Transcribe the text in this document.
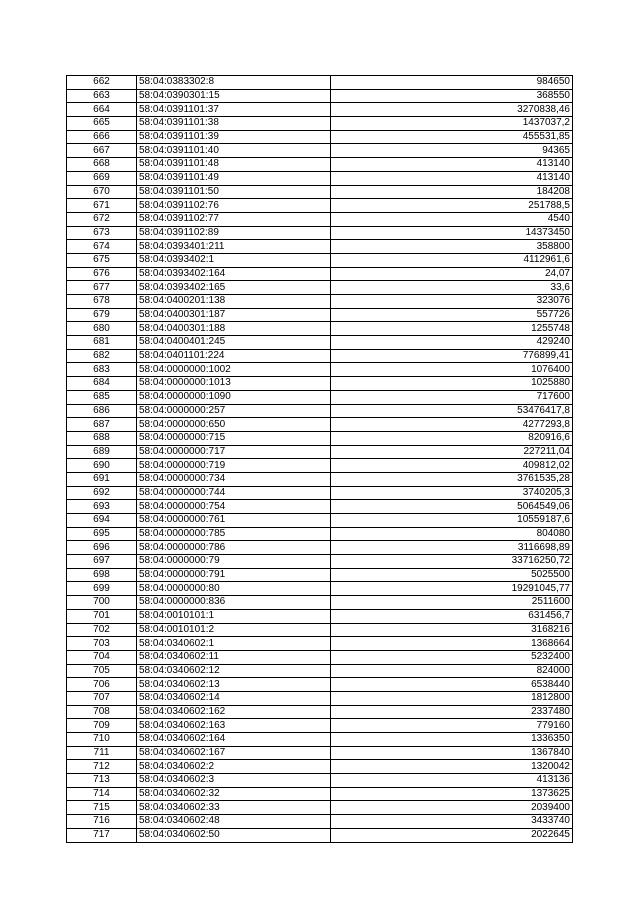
662	58:04:0383302:8	984650
663	58:04:0390301:15	368550
664	58:04:0391101:37	3270838,46
665	58:04:0391101:38	1437037,2
666	58:04:0391101:39	455531,85
667	58:04:0391101:40	94365
668	58:04:0391101:48	413140
669	58:04:0391101:49	413140
670	58:04:0391101:50	184208
671	58:04:0391102:76	251788,5
672	58:04:0391102:77	4540
673	58:04:0391102:89	14373450
674	58:04:0393401:211	358800
675	58:04:0393402:1	4112961,6
676	58:04:0393402:164	24,07
677	58:04:0393402:165	33,6
678	58:04:0400201:138	323076
679	58:04:0400301:187	557726
680	58:04:0400301:188	1255748
681	58:04:0400401:245	429240
682	58:04:0401101:224	776899,41
683	58:04:0000000:1002	1076400
684	58:04:0000000:1013	1025880
685	58:04:0000000:1090	717600
686	58:04:0000000:257	53476417,8
687	58:04:0000000:650	4277293,8
688	58:04:0000000:715	820916,6
689	58:04:0000000:717	227211,04
690	58:04:0000000:719	409812,02
691	58:04:0000000:734	3761535,28
692	58:04:0000000:744	3740205,3
693	58:04:0000000:754	5064549,06
694	58:04:0000000:761	10559187,6
695	58:04:0000000:785	804080
696	58:04:0000000:786	3116698,89
697	58:04:0000000:79	33716250,72
698	58:04:0000000:791	5025500
699	58:04:0000000:80	19291045,77
700	58:04:0000000:836	2511600
701	58:04:0010101:1	631456,7
702	58:04:0010101:2	3168216
703	58:04:0340602:1	1368664
704	58:04:0340602:11	5232400
705	58:04:0340602:12	824000
706	58:04:0340602:13	6538440
707	58:04:0340602:14	1812800
708	58:04:0340602:162	2337480
709	58:04:0340602:163	779160
710	58:04:0340602:164	1336350
711	58:04:0340602:167	1367840
712	58:04:0340602:2	1320042
713	58:04:0340602:3	413136
714	58:04:0340602:32	1373625
715	58:04:0340602:33	2039400
716	58:04:0340602:48	3433740
717	58:04:0340602:50	2022645
